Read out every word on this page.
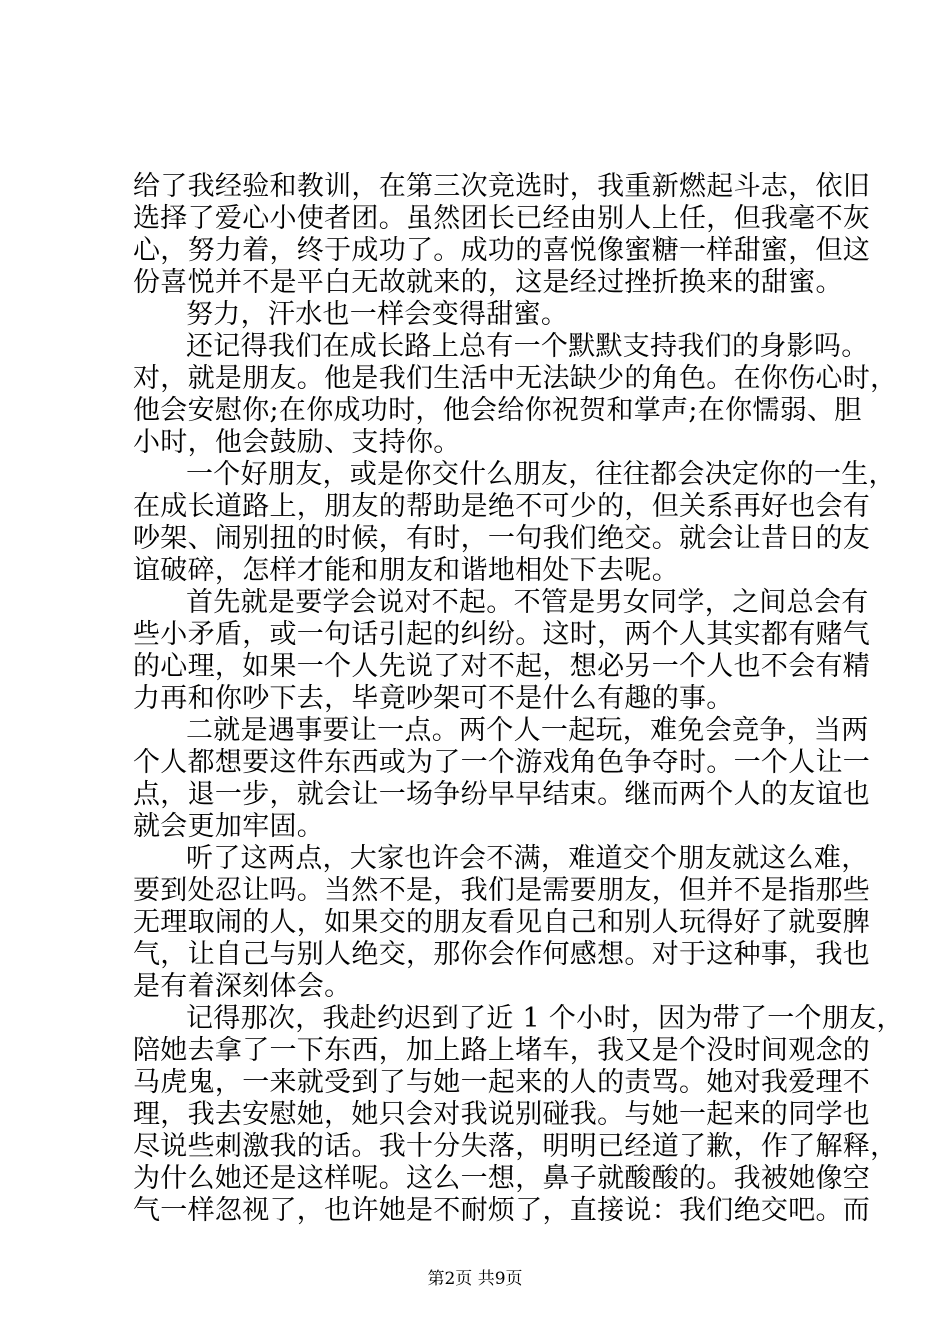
给了我经验和教训，在第三次竞选时，我重新燃起斗志，依旧
选择了爱心小使者团。虽然团长已经由别人上任，但我毫不灰
心，努力着，终于成功了。成功的喜悦像蜜糖一样甜蜜，但这
份喜悦并不是平白无故就来的，这是经过挫折换来的甜蜜。
努力，汗水也一样会变得甜蜜。
还记得我们在成长路上总有一个默默支持我们的身影吗。
对，就是朋友。他是我们生活中无法缺少的角色。在你伤心时，
他会安慰你;在你成功时，他会给你祝贺和掌声;在你懦弱、胆
小时，他会鼓励、支持你。
一个好朋友，或是你交什么朋友，往往都会决定你的一生，
在成长道路上，朋友的帮助是绝不可少的，但关系再好也会有
吵架、闹别扭的时候，有时，一句我们绝交。就会让昔日的友
谊破碎，怎样才能和朋友和谐地相处下去呢。
首先就是要学会说对不起。不管是男女同学，之间总会有
些小矛盾，或一句话引起的纠纷。这时，两个人其实都有赌气
的心理，如果一个人先说了对不起，想必另一个人也不会有精
力再和你吵下去，毕竟吵架可不是什么有趣的事。
二就是遇事要让一点。两个人一起玩，难免会竞争，当两
个人都想要这件东西或为了一个游戏角色争夺时。一个人让一
点，退一步，就会让一场争纷早早结束。继而两个人的友谊也
就会更加牢固。
听了这两点，大家也许会不满，难道交个朋友就这么难，
要到处忍让吗。当然不是，我们是需要朋友，但并不是指那些
无理取闹的人，如果交的朋友看见自己和别人玩得好了就耍脾
气，让自己与别人绝交，那你会作何感想。对于这种事，我也
是有着深刻体会。
记得那次，我赴约迟到了近 1 个小时，因为带了一个朋友，
陪她去拿了一下东西，加上路上堵车，我又是个没时间观念的
马虎鬼，一来就受到了与她一起来的人的责骂。她对我爱理不
理，我去安慰她，她只会对我说别碰我。与她一起来的同学也
尽说些刺激我的话。我十分失落，明明已经道了歉，作了解释，
为什么她还是这样呢。这么一想，鼻子就酸酸的。我被她像空
气一样忽视了，也许她是不耐烦了，直接说：我们绝交吧。而
第2页 共9页
